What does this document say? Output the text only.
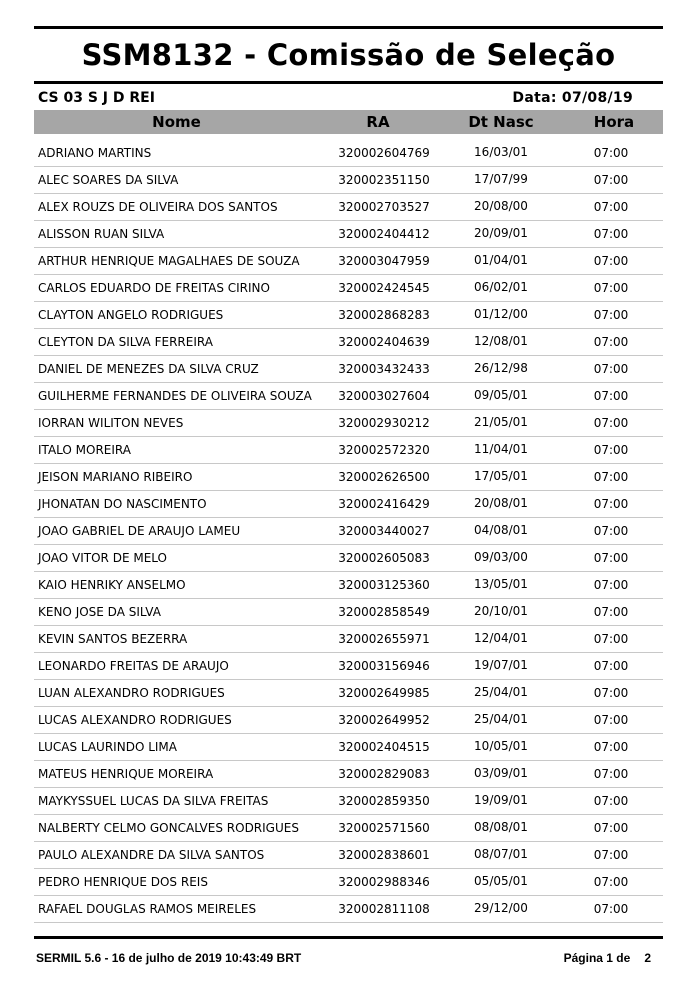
SSM8132 - Comissão de Seleção
CS 03 S J D REI	Data: 07/08/19
Nome	RA	Dt Nasc	Hora
ADRIANO MARTINS	320002604769	16/03/01	07:00
ALEC SOARES DA SILVA	320002351150	17/07/99	07:00
ALEX ROUZS DE OLIVEIRA DOS SANTOS	320002703527	20/08/00	07:00
ALISSON RUAN SILVA	320002404412	20/09/01	07:00
ARTHUR HENRIQUE MAGALHAES DE SOUZA	320003047959	01/04/01	07:00
CARLOS EDUARDO DE FREITAS CIRINO	320002424545	06/02/01	07:00
CLAYTON ANGELO RODRIGUES	320002868283	01/12/00	07:00
CLEYTON DA SILVA FERREIRA	320002404639	12/08/01	07:00
DANIEL DE MENEZES DA SILVA CRUZ	320003432433	26/12/98	07:00
GUILHERME FERNANDES DE OLIVEIRA SOUZA	320003027604	09/05/01	07:00
IORRAN WILITON NEVES	320002930212	21/05/01	07:00
ITALO MOREIRA	320002572320	11/04/01	07:00
JEISON MARIANO RIBEIRO	320002626500	17/05/01	07:00
JHONATAN DO NASCIMENTO	320002416429	20/08/01	07:00
JOAO GABRIEL DE ARAUJO LAMEU	320003440027	04/08/01	07:00
JOAO VITOR DE MELO	320002605083	09/03/00	07:00
KAIO HENRIKY ANSELMO	320003125360	13/05/01	07:00
KENO JOSE DA SILVA	320002858549	20/10/01	07:00
KEVIN SANTOS BEZERRA	320002655971	12/04/01	07:00
LEONARDO FREITAS DE ARAUJO	320003156946	19/07/01	07:00
LUAN ALEXANDRO RODRIGUES	320002649985	25/04/01	07:00
LUCAS ALEXANDRO RODRIGUES	320002649952	25/04/01	07:00
LUCAS LAURINDO LIMA	320002404515	10/05/01	07:00
MATEUS HENRIQUE MOREIRA	320002829083	03/09/01	07:00
MAYKYSSUEL LUCAS DA SILVA FREITAS	320002859350	19/09/01	07:00
NALBERTY CELMO GONCALVES RODRIGUES	320002571560	08/08/01	07:00
PAULO ALEXANDRE DA SILVA SANTOS	320002838601	08/07/01	07:00
PEDRO HENRIQUE DOS REIS	320002988346	05/05/01	07:00
RAFAEL DOUGLAS RAMOS MEIRELES	320002811108	29/12/00	07:00
SERMIL 5.6 - 16 de julho de 2019 10:43:49 BRT	Página 1 de 2
